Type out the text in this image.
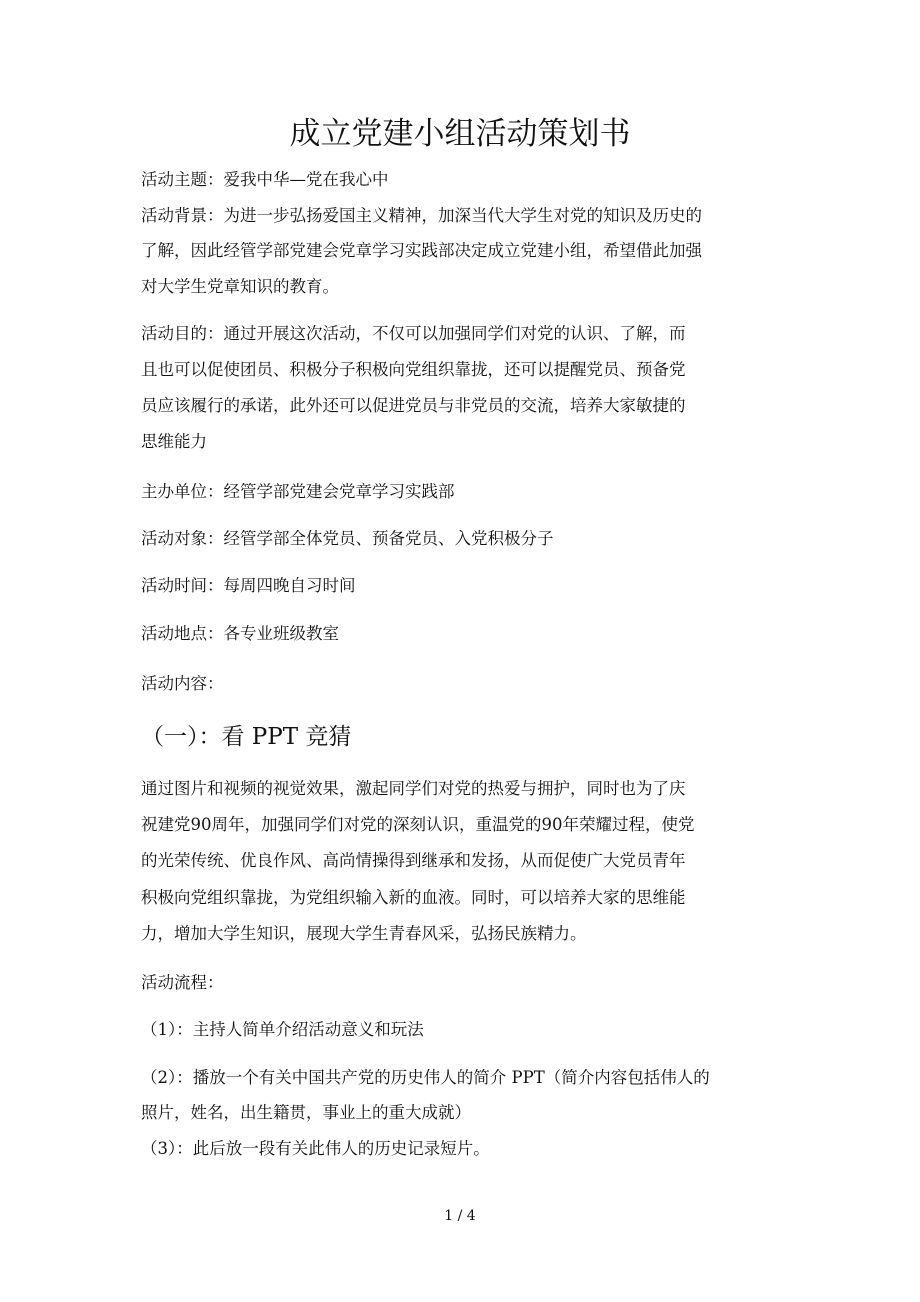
成立党建小组活动策划书
活动主题：爱我中华—党在我心中
活动背景：为进一步弘扬爱国主义精神，加深当代大学生对党的知识及历史的
了解，因此经管学部党建会党章学习实践部决定成立党建小组，希望借此加强
对大学生党章知识的教育。
活动目的：通过开展这次活动，不仅可以加强同学们对党的认识、了解，而
且也可以促使团员、积极分子积极向党组织靠拢，还可以提醒党员、预备党
员应该履行的承诺，此外还可以促进党员与非党员的交流，培养大家敏捷的
思维能力
主办单位：经管学部党建会党章学习实践部
活动对象：经管学部全体党员、预备党员、入党积极分子
活动时间：每周四晚自习时间
活动地点：各专业班级教室
活动内容：
（一）：看 PPT 竞猜
通过图片和视频的视觉效果，激起同学们对党的热爱与拥护，同时也为了庆
祝建党90周年，加强同学们对党的深刻认识，重温党的90年荣耀过程，使党
的光荣传统、优良作风、高尚情操得到继承和发扬，从而促使广大党员青年
积极向党组织靠拢，为党组织输入新的血液。同时，可以培养大家的思维能
力，增加大学生知识，展现大学生青春风采，弘扬民族精力。
活动流程：
（1）：主持人简单介绍活动意义和玩法
（2）：播放一个有关中国共产党的历史伟人的简介 PPT（简介内容包括伟人的
照片，姓名，出生籍贯，事业上的重大成就）
（3）：此后放一段有关此伟人的历史记录短片。
1 / 4
